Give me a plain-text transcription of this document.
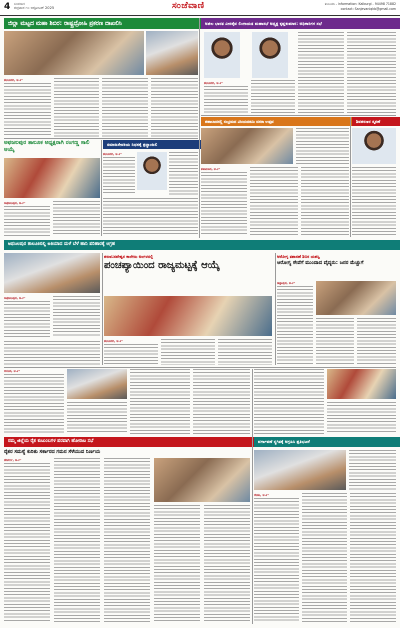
4 ಸಂಜೆವಾಣಿ
ಶುಕ್ರವಾರ ೧೦ ಅಕ್ಟೋಬರ್ 2025	ಸಂಜೆವಾಣಿ	ಕಲಬುರಗಿ - information: Kalburgi - 94498 71882
contact: Sanjevaniqkb@gmail.com
ಜಿಲ್ಲಾ ಮಟ್ಟದ ಮಹಾ ಶಿಬಿರ: ರಾಷ್ಟ್ರದ್ರೋಹಿ ಪ್ರಕರಣ ದಾಖಲಿಸಿ
ಕಲಬುರಗಿ, ಅ.೯-
ಅಖಿಲ ಭಾರತ ವೀರಶೈವ ಲಿಂಗಾಯತ ಮಹಾಸಭೆ ಅಧ್ಯಕ್ಷ ಕೃಷ್ಣಕುಮಾರ: ಅಧಿಕಾರಿಗಳ ಸಭೆ
ಕಲಬುರಗಿ, ಅ.೯-
ಅಫಜಲಪುರ ತಾಲೂಕ ಅಧ್ಯಕ್ಷರಾಗಿ ರಂಗಣ್ಣ ಸಾಲಿ ಆಯ್ಕೆ
ಅಫಜಲಪುರ, ಅ.೯-
ಸಮಾಜಸೇವಕಿಯ ನಿಧನಕ್ಕೆ ಶ್ರದ್ಧಾಂಜಲಿ
ಕಲಬುರಗಿ, ಅ.೯-
ಶಹಾಬಾದನಲ್ಲಿ ಸಂಭ್ರಮದ ವಿಜಯದಶಮಿ ದಸರಾ ಉತ್ಸವ
ಶಹಾಬಾದ, ಅ.೯-
ಶಿವಶರಣರ ಸ್ಮರಣೆ
ಅಫಜಲಪುರ ತಾಲೂಕಿನಲ್ಲಿ ಅತಿಯಾದ ಮಳೆ ಬೆಳೆ ಹಾನಿ ಪರಿಹಾರಕ್ಕೆ ಆಗ್ರಹ
ಅಫಜಲಪುರ, ಅ.೯-
ಶರಣಬಸವೇಶ್ವರ ಕಾಲೇಜು ಅಂಗಳದಲ್ಲಿ
ಪಂಚಪ್ಯಾಯಿಂದ ರಾಜ್ಯಮಟ್ಟಕ್ಕೆ ಆಯ್ಕೆ
ಕಲಬುರಗಿ, ಅ.೯-
ಆರೋಗ್ಯ ತಪಾಸಣೆ ಶಿಬಿರ ಯಶಸ್ವಿ
ಆರೋಗ್ಯ ಸೇವೆಗೆ ಮುಂದಾದ ವೈದ್ಯರು: ಜನರ ಮೆಚ್ಚುಗೆ
ಚಿತ್ತಾಪುರ, ಅ.೯-
ನಮ್ಮ ಜಿಲ್ಲೆಯ ರೈತ ಕುಟುಂಬಗಳ ಪರವಾಗಿ ಹೋರಾಟ ಸಭೆ
ರೈತರ ಸಮಸ್ಯೆ ಕುರಿತು ಸರ್ಕಾರದ ಗಮನ ಸೆಳೆಯುವ ನಿರ್ಣಯ
ಆಳಂದ, ಅ.೯-
ಜೇವರ್ಗಿ, ಅ.೯-
ವರ್ಗಾವಣೆ ಸ್ಥಗಿತಕ್ಕೆ ಆಗ್ರಹಿಸಿ ಪ್ರತಿಭಟನೆ
ಸೇಡಂ, ಅ.೯-
